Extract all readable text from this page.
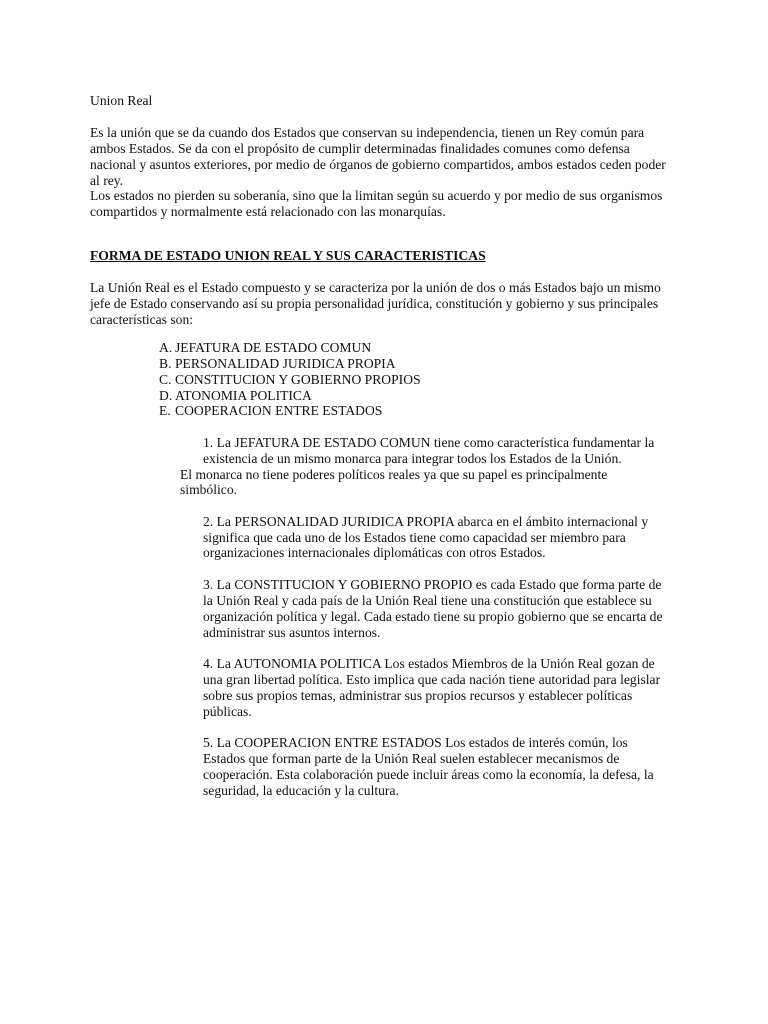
Union Real
Es la unión que se da cuando dos Estados que conservan su independencia, tienen un Rey común para
ambos Estados. Se da con el propósito de cumplir determinadas finalidades comunes como defensa
nacional y asuntos exteriores, por medio de órganos de gobierno compartidos, ambos estados ceden poder
al rey.
Los estados no pierden su soberanía, sino que la limitan según su acuerdo y por medio de sus organismos
compartidos y normalmente está relacionado con las monarquías.
FORMA DE ESTADO UNION REAL Y SUS CARACTERISTICAS
La Unión Real es el Estado compuesto y se caracteriza por la unión de dos o más Estados bajo un mismo
jefe de Estado conservando así su propia personalidad jurídica, constitución y gobierno y sus principales
características son:
A. JEFATURA DE ESTADO COMUN
B. PERSONALIDAD JURIDICA PROPIA
C. CONSTITUCION Y GOBIERNO PROPIOS
D. ATONOMIA POLITICA
E. COOPERACION ENTRE ESTADOS
1. La JEFATURA DE ESTADO COMUN tiene como característica fundamentar la
existencia de un mismo monarca para integrar todos los Estados de la Unión.
El monarca no tiene poderes políticos reales ya que su papel es principalmente
simbólico.
2. La PERSONALIDAD JURIDICA PROPIA abarca en el ámbito internacional y
significa que cada uno de los Estados tiene como capacidad ser miembro para
organizaciones internacionales diplomáticas con otros Estados.
3. La CONSTITUCION Y GOBIERNO PROPIO es cada Estado que forma parte de
la Unión Real y cada país de la Unión Real tiene una constitución que establece su
organización política y legal. Cada estado tiene su propio gobierno que se encarta de
administrar sus asuntos internos.
4. La AUTONOMIA POLITICA Los estados Miembros de la Unión Real gozan de
una gran libertad política. Esto implica que cada nación tiene autoridad para legislar
sobre sus propios temas, administrar sus propios recursos y establecer políticas
públicas.
5. La COOPERACION ENTRE ESTADOS Los estados de interés común, los
Estados que forman parte de la Unión Real suelen establecer mecanismos de
cooperación. Esta colaboración puede incluir áreas como la economía, la defesa, la
seguridad, la educación y la cultura.
